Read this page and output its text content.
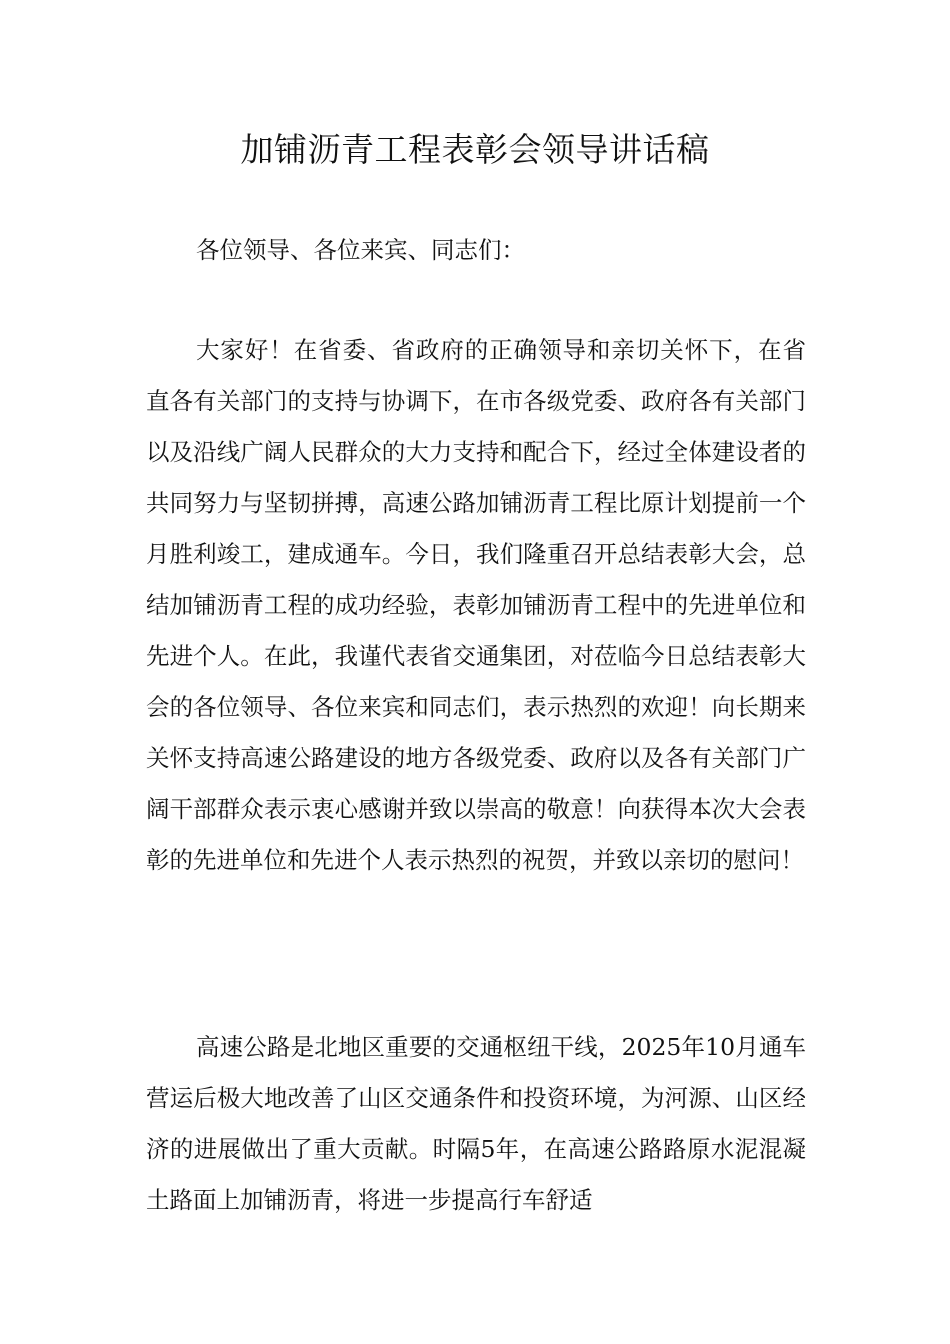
加铺沥青工程表彰会领导讲话稿

各位领导、各位来宾、同志们：

大家好！在省委、省政府的正确领导和亲切关怀下，在省直各有关部门的支持与协调下，在市各级党委、政府各有关部门以及沿线广阔人民群众的大力支持和配合下，经过全体建设者的共同努力与坚韧拼搏，高速公路加铺沥青工程比原计划提前一个月胜利竣工，建成通车。今日，我们隆重召开总结表彰大会，总结加铺沥青工程的成功经验，表彰加铺沥青工程中的先进单位和先进个人。在此，我谨代表省交通集团，对莅临今日总结表彰大会的各位领导、各位来宾和同志们，表示热烈的欢迎！向长期来关怀支持高速公路建设的地方各级党委、政府以及各有关部门广阔干部群众表示衷心感谢并致以崇高的敬意！向获得本次大会表彰的先进单位和先进个人表示热烈的祝贺，并致以亲切的慰问！

高速公路是北地区重要的交通枢纽干线，2025年10月通车营运后极大地改善了山区交通条件和投资环境，为河源、山区经济的进展做出了重大贡献。时隔5年，在高速公路路原水泥混凝土路面上加铺沥青，将进一步提高行车舒适
